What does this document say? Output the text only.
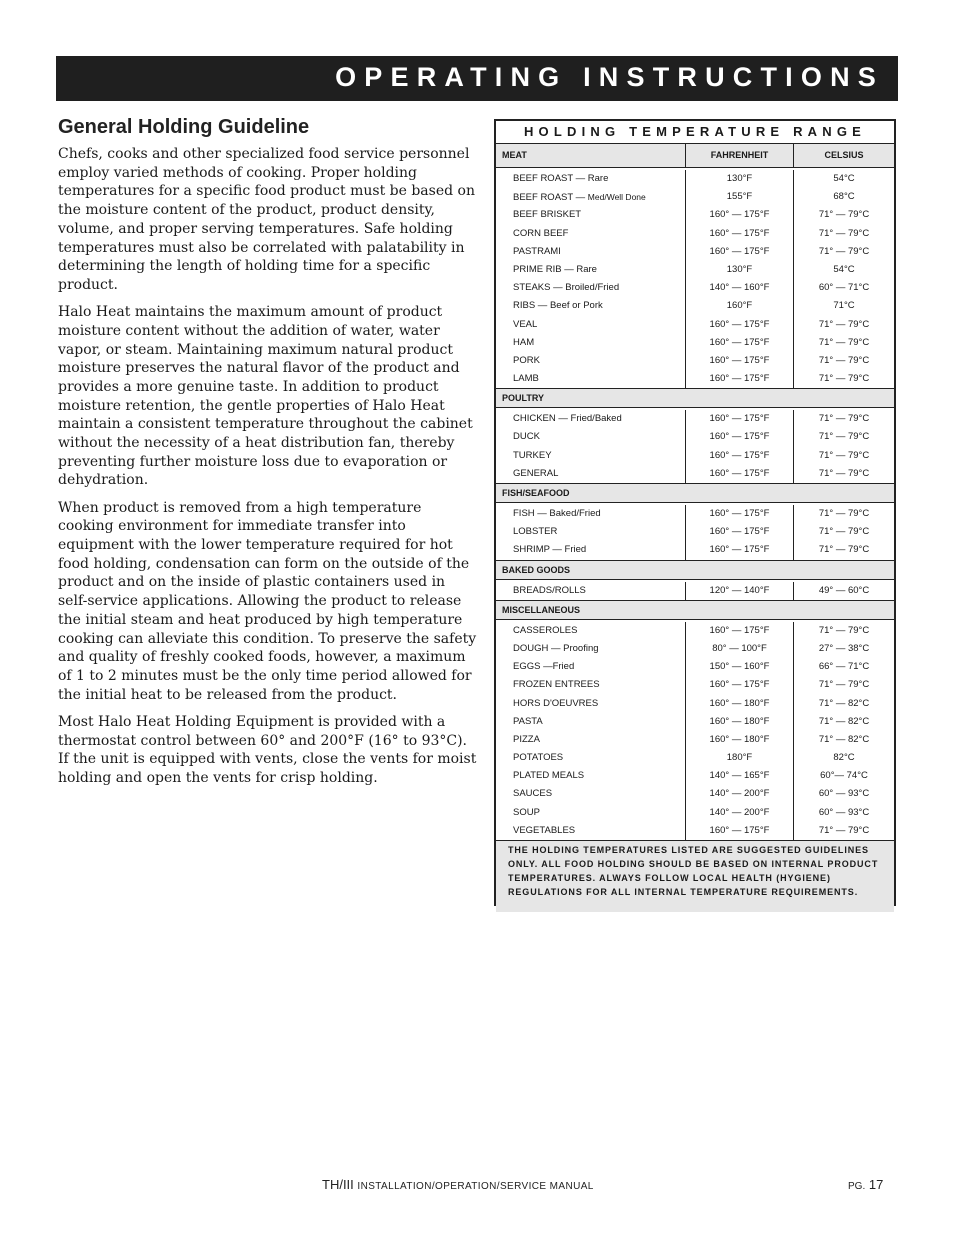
OPERATING INSTRUCTIONS
General Holding Guideline

Chefs, cooks and other specialized food service personnel employ varied methods of cooking. Proper holding temperatures for a specific food product must be based on the moisture content of the product, product density, volume, and proper serving temperatures. Safe holding temperatures must also be correlated with palatability in determining the length of holding time for a specific product.

Halo Heat maintains the maximum amount of product moisture content without the addition of water, water vapor, or steam. Maintaining maximum natural product moisture preserves the natural flavor of the product and provides a more genuine taste. In addition to product moisture retention, the gentle properties of Halo Heat maintain a consistent temperature throughout the cabinet without the necessity of a heat distribution fan, thereby preventing further moisture loss due to evaporation or dehydration.

When product is removed from a high temperature cooking environment for immediate transfer into equipment with the lower temperature required for hot food holding, condensation can form on the outside of the product and on the inside of plastic containers used in self-service applications. Allowing the product to release the initial steam and heat produced by high temperature cooking can alleviate this condition. To preserve the safety and quality of freshly cooked foods, however, a maximum of 1 to 2 minutes must be the only time period allowed for the initial heat to be released from the product.

Most Halo Heat Holding Equipment is provided with a thermostat control between 60° and 200°F (16° to 93°C). If the unit is equipped with vents, close the vents for moist holding and open the vents for crisp holding.

HOLDING TEMPERATURE RANGE
MEAT	FAHRENHEIT	CELSIUS
BEEF ROAST — Rare	130°F	54°C
BEEF ROAST — Med/Well Done	155°F	68°C
BEEF BRISKET	160° — 175°F	71° — 79°C
CORN BEEF	160° — 175°F	71° — 79°C
PASTRAMI	160° — 175°F	71° — 79°C
PRIME RIB — Rare	130°F	54°C
STEAKS — Broiled/Fried	140° — 160°F	60° — 71°C
RIBS — Beef or Pork	160°F	71°C
VEAL	160° — 175°F	71° — 79°C
HAM	160° — 175°F	71° — 79°C
PORK	160° — 175°F	71° — 79°C
LAMB	160° — 175°F	71° — 79°C
POULTRY
CHICKEN — Fried/Baked	160° — 175°F	71° — 79°C
DUCK	160° — 175°F	71° — 79°C
TURKEY	160° — 175°F	71° — 79°C
GENERAL	160° — 175°F	71° — 79°C
FISH/SEAFOOD
FISH — Baked/Fried	160° — 175°F	71° — 79°C
LOBSTER	160° — 175°F	71° — 79°C
SHRIMP — Fried	160° — 175°F	71° — 79°C
BAKED GOODS
BREADS/ROLLS	120° — 140°F	49° — 60°C
MISCELLANEOUS
CASSEROLES	160° — 175°F	71° — 79°C
DOUGH — Proofing	80° — 100°F	27° — 38°C
EGGS —Fried	150° — 160°F	66° — 71°C
FROZEN ENTREES	160° — 175°F	71° — 79°C
HORS D'OEUVRES	160° — 180°F	71° — 82°C
PASTA	160° — 180°F	71° — 82°C
PIZZA	160° — 180°F	71° — 82°C
POTATOES	180°F	82°C
PLATED MEALS	140° — 165°F	60°— 74°C
SAUCES	140° — 200°F	60° — 93°C
SOUP	140° — 200°F	60° — 93°C
VEGETABLES	160° — 175°F	71° — 79°C
THE HOLDING TEMPERATURES LISTED ARE SUGGESTED GUIDELINES ONLY. ALL FOOD HOLDING SHOULD BE BASED ON INTERNAL PRODUCT TEMPERATURES. ALWAYS FOLLOW LOCAL HEALTH (HYGIENE) REGULATIONS FOR ALL INTERNAL TEMPERATURE REQUIREMENTS.
TH/III INSTALLATION/OPERATION/SERVICE MANUAL	PG. 17
